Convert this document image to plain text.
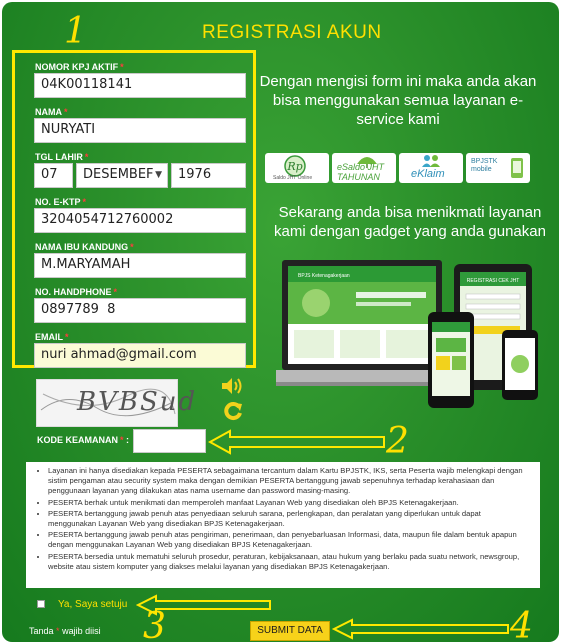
REGISTRASI AKUN
1
2
3	4
NOMOR KPJ AKTIF *
04K00118141
NAMA *
NURYATI
TGL LAHIR *
07	DESEMBEF ▼	1976
NO. E-KTP *
3204054712760002
NAMA IBU KANDUNG *
M.MARYAMAH
NO. HANDPHONE *
0897789  8
EMAIL *
nuri ahmad@gmail.com
Dengan mengisi form ini maka anda akan bisa menggunakan semua layanan e-service kami
Rp
Saldo JHT Online
eSaldo JHT TAHUNAN	eKlaim
BPJSTK mobile
Sekarang anda bisa menikmati layanan kami dengan gadget yang anda gunakan
REGISTRASI CEK JHT
BPJS Ketenagakerjaan
BVBSud
KODE KEAMANAN * :
• Layanan ini hanya disediakan kepada PESERTA sebagaimana tercantum dalam Kartu BPJSTK, IKS, serta Peserta wajib melengkapi dengan sistim pengaman atau security system maka dengan demikian PESERTA bertanggung jawab sepenuhnya terhadap kerahasiaan dan penggunaan layanan yang dilakukan atas nama username dan password masing-masing.
• PESERTA berhak untuk menikmati dan memperoleh manfaat Layanan Web yang disediakan oleh BPJS Ketenagakerjaan.
• PESERTA bertanggung jawab penuh atas penyediaan seluruh sarana, perlengkapan, dan peralatan yang diperlukan untuk dapat menggunakan Layanan Web yang disediakan BPJS Ketenagakerjaan.
• PESERTA bertanggung jawab penuh atas pengiriman, penerimaan, dan penyebarluasan Informasi, data, maupun file dalam bentuk apapun dengan menggunakan Layanan Web yang disediakan BPJS Ketenagakerjaan.
• PESERTA bersedia untuk mematuhi seluruh prosedur, peraturan, kebijaksanaan, atau hukum yang berlaku pada suatu network, newsgroup, website atau sistem komputer yang diakses melalui layanan yang disediakan BPJS Ketenagakerjaan.
Ya, Saya setuju
Tanda * wajib diisi	SUBMIT DATA
